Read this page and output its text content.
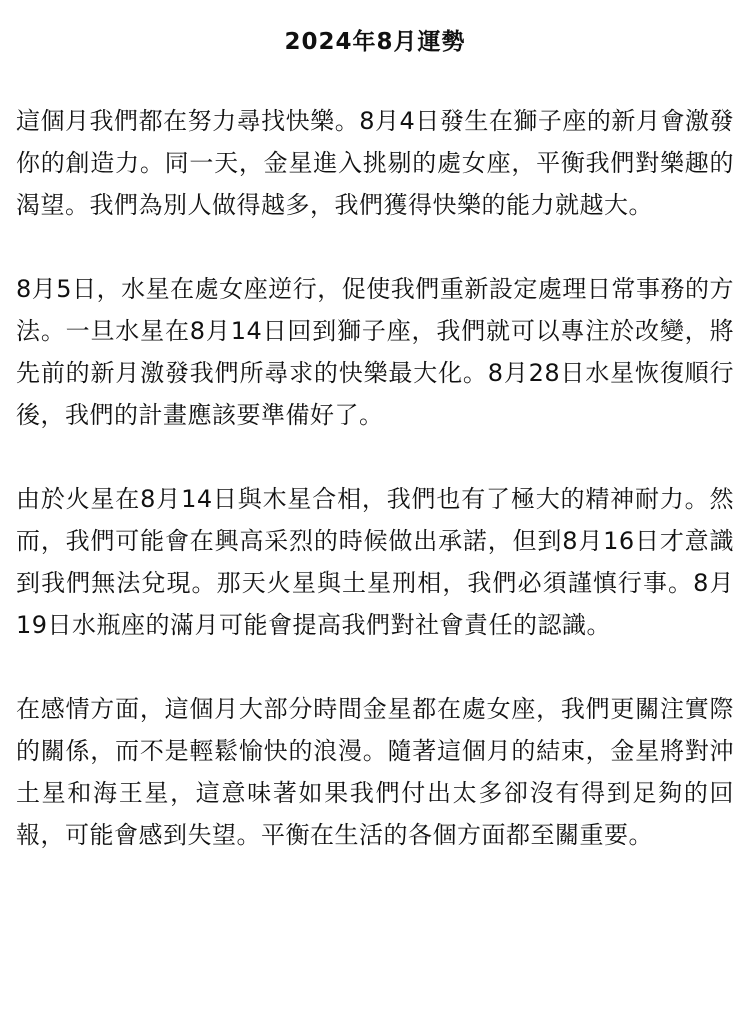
2024年8月運勢

這個月我們都在努力尋找快樂。8月4日發生在獅子座的新月會激發你的創造力。同一天，金星進入挑剔的處女座，平衡我們對樂趣的渴望。我們為別人做得越多，我們獲得快樂的能力就越大。

8月5日，水星在處女座逆行，促使我們重新設定處理日常事務的方法。一旦水星在8月14日回到獅子座，我們就可以專注於改變，將先前的新月激發我們所尋求的快樂最大化。8月28日水星恢復順行後，我們的計畫應該要準備好了。

由於火星在8月14日與木星合相，我們也有了極大的精神耐力。然而，我們可能會在興高采烈的時候做出承諾，但到8月16日才意識到我們無法兌現。那天火星與土星刑相，我們必須謹慎行事。8月19日水瓶座的滿月可能會提高我們對社會責任的認識。

在感情方面，這個月大部分時間金星都在處女座，我們更關注實際的關係，而不是輕鬆愉快的浪漫。隨著這個月的結束，金星將對沖土星和海王星，這意味著如果我們付出太多卻沒有得到足夠的回報，可能會感到失望。平衡在生活的各個方面都至關重要。
